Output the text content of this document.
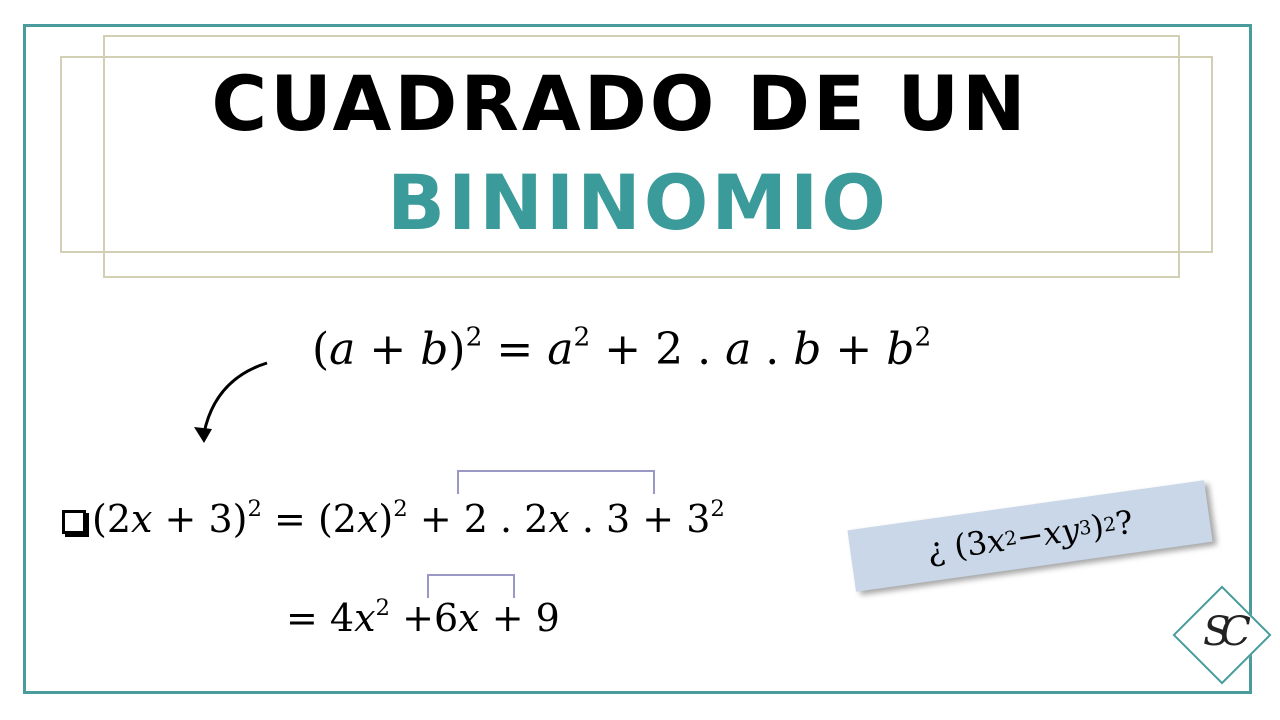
CUADRADO DE UN
BININOMIO
$(a + b)^2 = a^2 + 2$ . a . $b + b^2$
$(2x + 3)^2 = (2x)^2 + 2$ . 2x . $3 + 3^2$
= $4x^2 +6x + 9$
¿ (3
x
2
−
xy
3
)
2
?
SC
